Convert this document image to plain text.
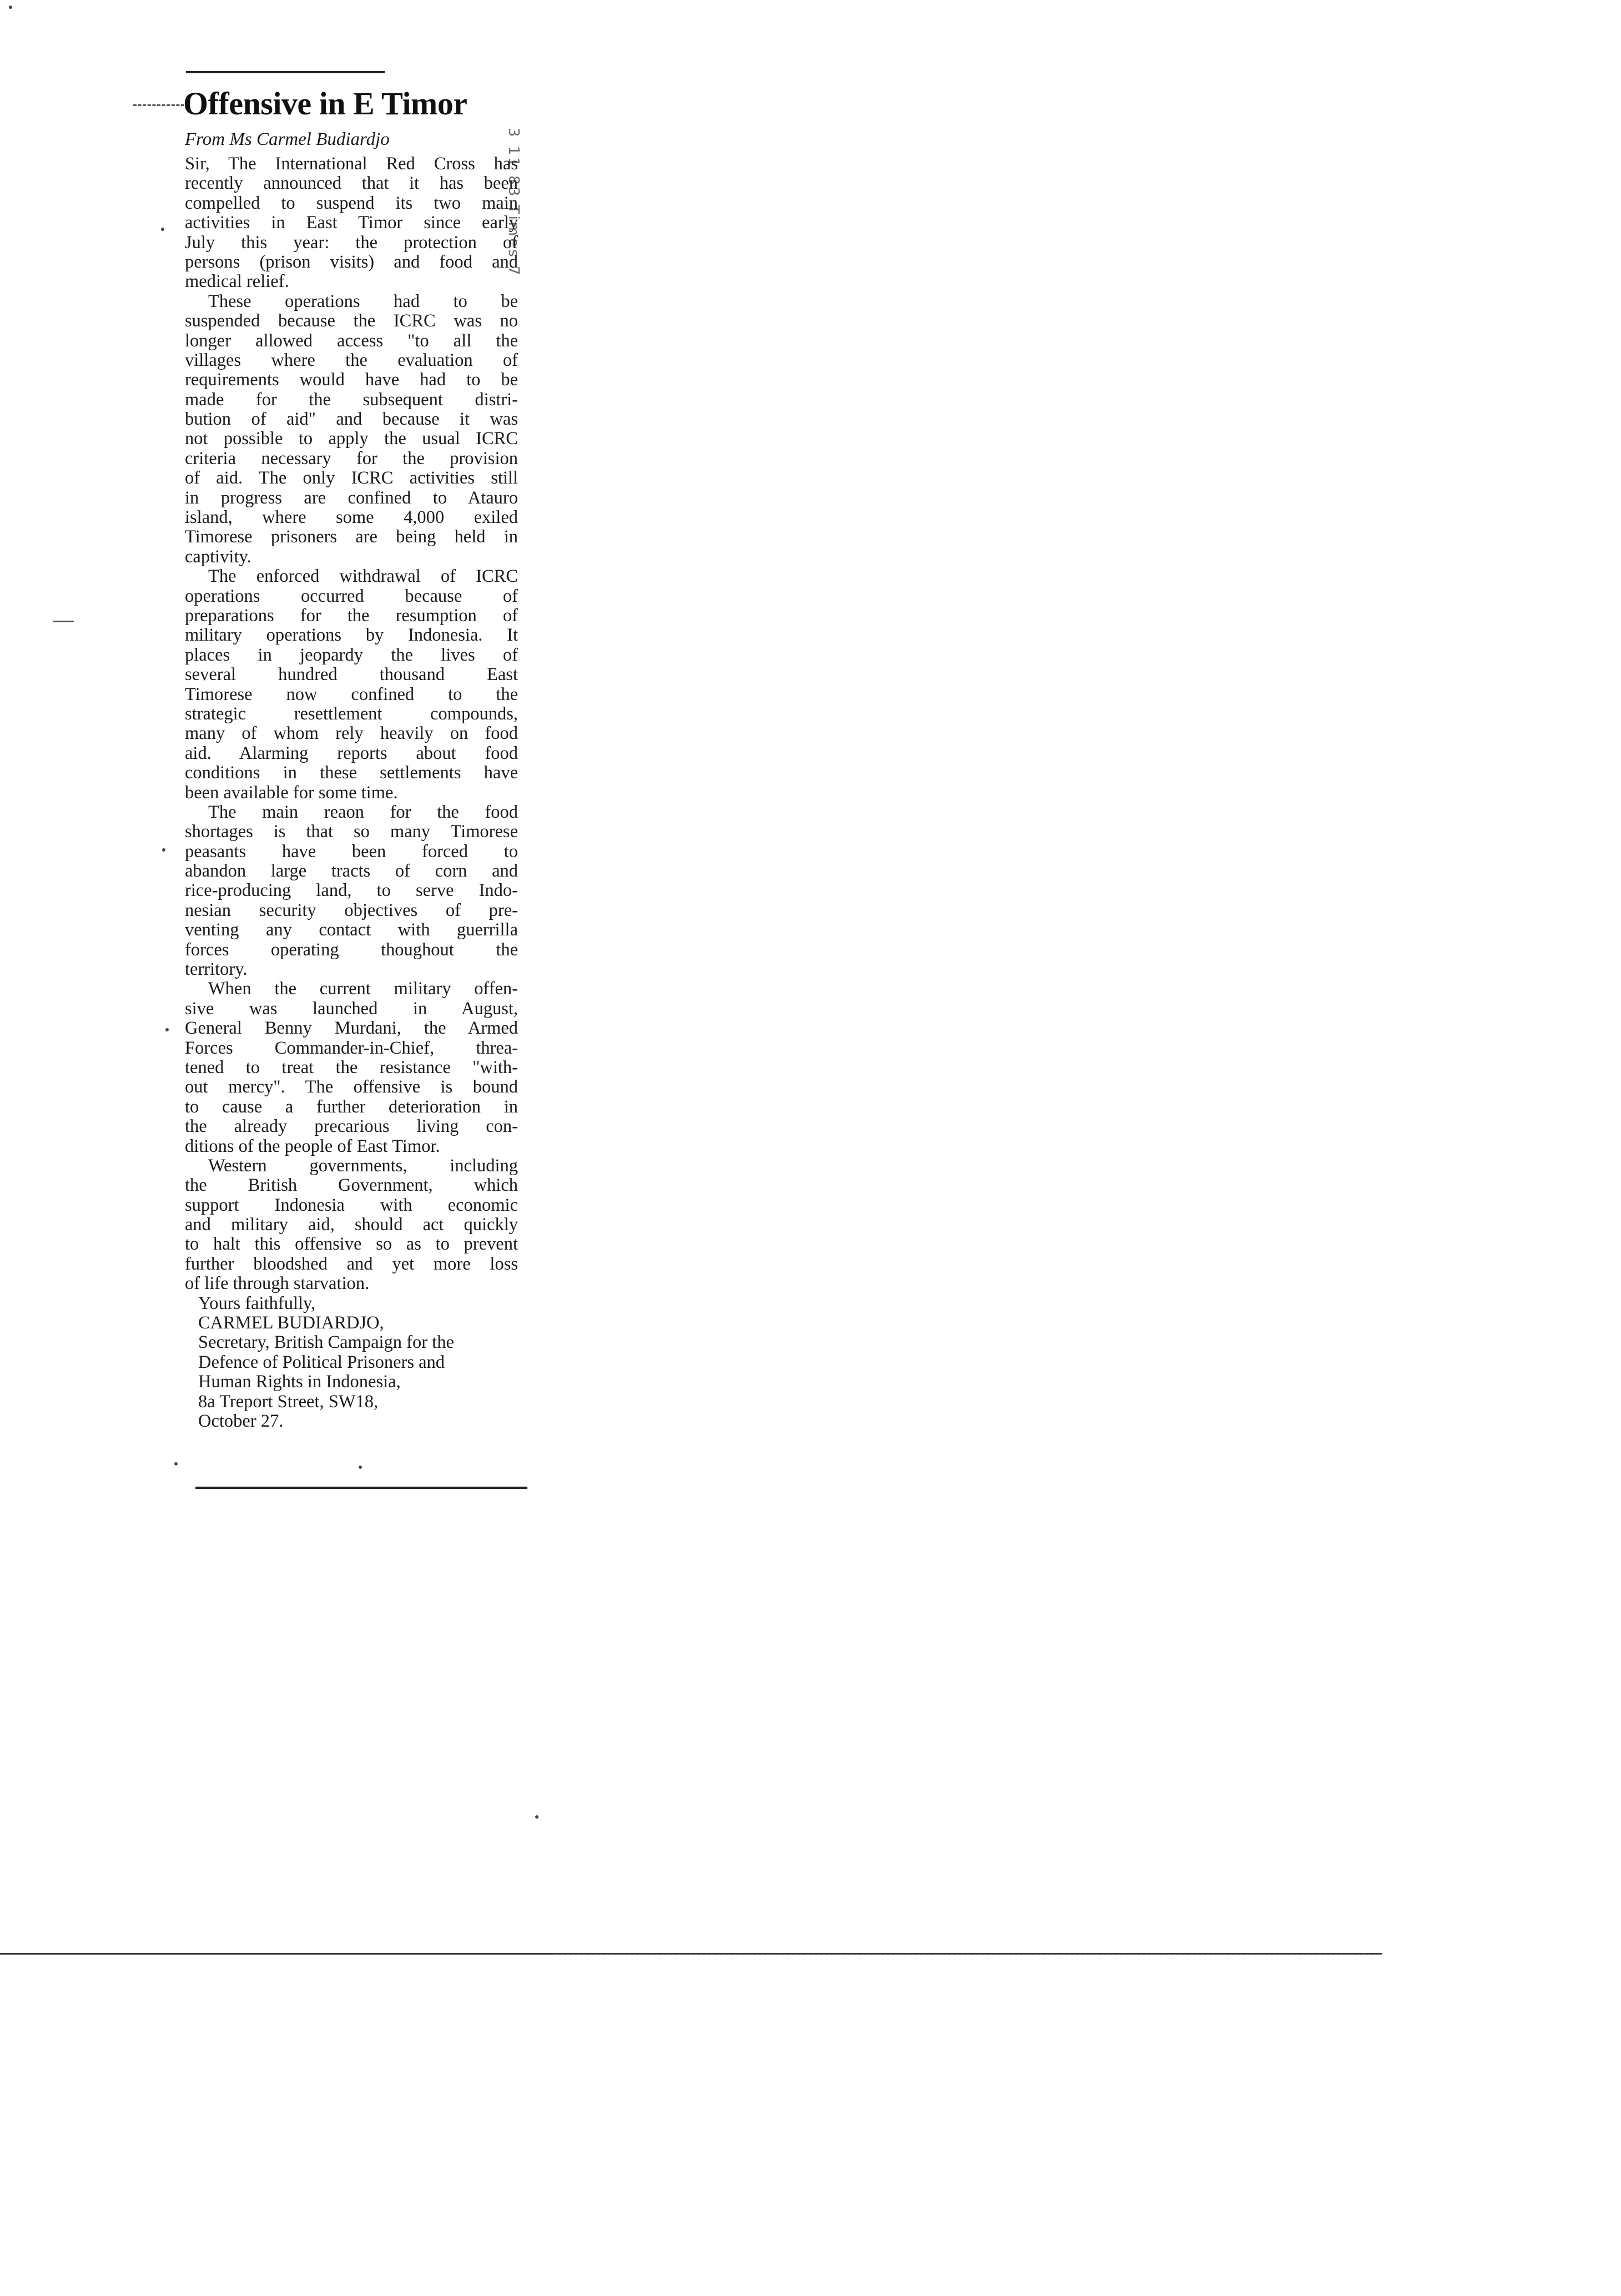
Offensive in E Timor
From Ms Carmel Budiardjo
Sir, The International Red Cross has
recently announced that it has been
compelled to suspend its two main
activities in East Timor since early
July this year: the protection of
persons (prison visits) and food and
medical relief.
These operations had to be
suspended because the ICRC was no
longer allowed access "to all the
villages where the evaluation of
requirements would have had to be
made for the subsequent distri-
bution of aid" and because it was
not possible to apply the usual ICRC
criteria necessary for the provision
of aid. The only ICRC activities still
in progress are confined to Atauro
island, where some 4,000 exiled
Timorese prisoners are being held in
captivity.
The enforced withdrawal of ICRC
operations occurred because of
preparations for the resumption of
military operations by Indonesia. It
places in jeopardy the lives of
several hundred thousand East
Timorese now confined to the
strategic resettlement compounds,
many of whom rely heavily on food
aid. Alarming reports about food
conditions in these settlements have
been available for some time.
The main reaon for the food
shortages is that so many Timorese
peasants have been forced to
abandon large tracts of corn and
rice-producing land, to serve Indo-
nesian security objectives of pre-
venting any contact with guerrilla
forces operating thoughout the
territory.
When the current military offen-
sive was launched in August,
General Benny Murdani, the Armed
Forces Commander-in-Chief, threa-
tened to treat the resistance "with-
out mercy". The offensive is bound
to cause a further deterioration in
the already precarious living con-
ditions of the people of East Timor.
Western governments, including
the British Government, which
support Indonesia with economic
and military aid, should act quickly
to halt this offensive so as to prevent
further bloodshed and yet more loss
of life through starvation.
Yours faithfully,
CARMEL BUDIARDJO,
Secretary, British Campaign for the
Defence of Political Prisoners and
Human Rights in Indonesia,
8a Treport Street, SW18,
October 27.
3 11 83 Times 7
